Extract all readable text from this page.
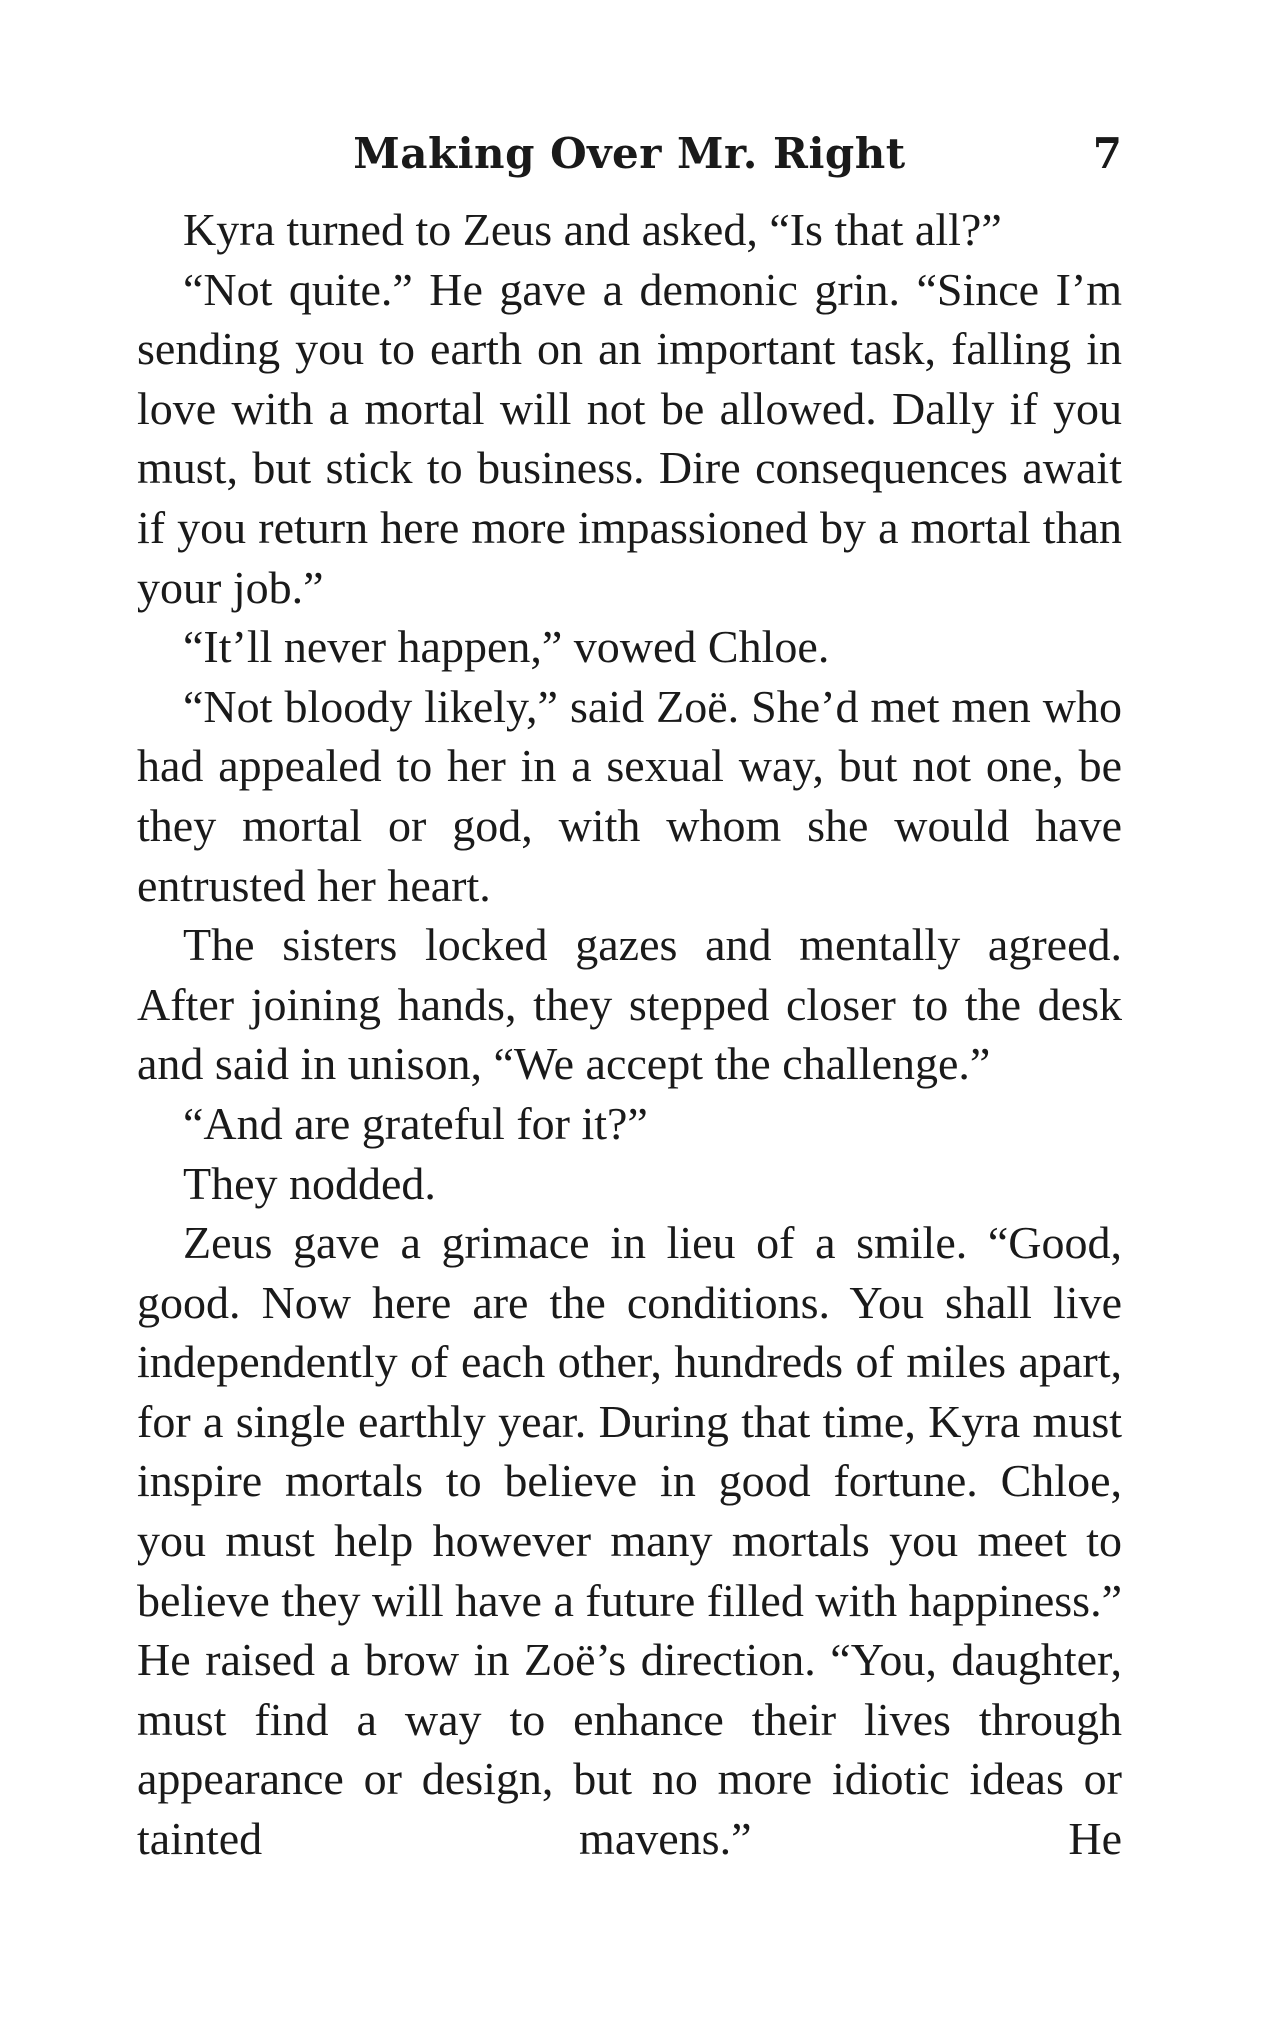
Making Over Mr. Right	7

Kyra turned to Zeus and asked, “Is that all?”

“Not quite.” He gave a demonic grin. “Since I’m sending you to earth on an important task, falling in love with a mortal will not be allowed. Dally if you must, but stick to business. Dire consequences await if you return here more impassioned by a mortal than your job.”

“It’ll never happen,” vowed Chloe.

“Not bloody likely,” said Zoë. She’d met men who had appealed to her in a sexual way, but not one, be they mortal or god, with whom she would have entrusted her heart.

The sisters locked gazes and mentally agreed. After joining hands, they stepped closer to the desk and said in unison, “We accept the challenge.”

“And are grateful for it?”

They nodded.

Zeus gave a grimace in lieu of a smile. “Good, good. Now here are the conditions. You shall live independently of each other, hundreds of miles apart, for a single earthly year. During that time, Kyra must inspire mortals to believe in good fortune. Chloe, you must help however many mortals you meet to believe they will have a future filled with happiness.” He raised a brow in Zoë’s direction. “You, daughter, must find a way to enhance their lives through appearance or design, but no more idiotic ideas or tainted mavens.” He
